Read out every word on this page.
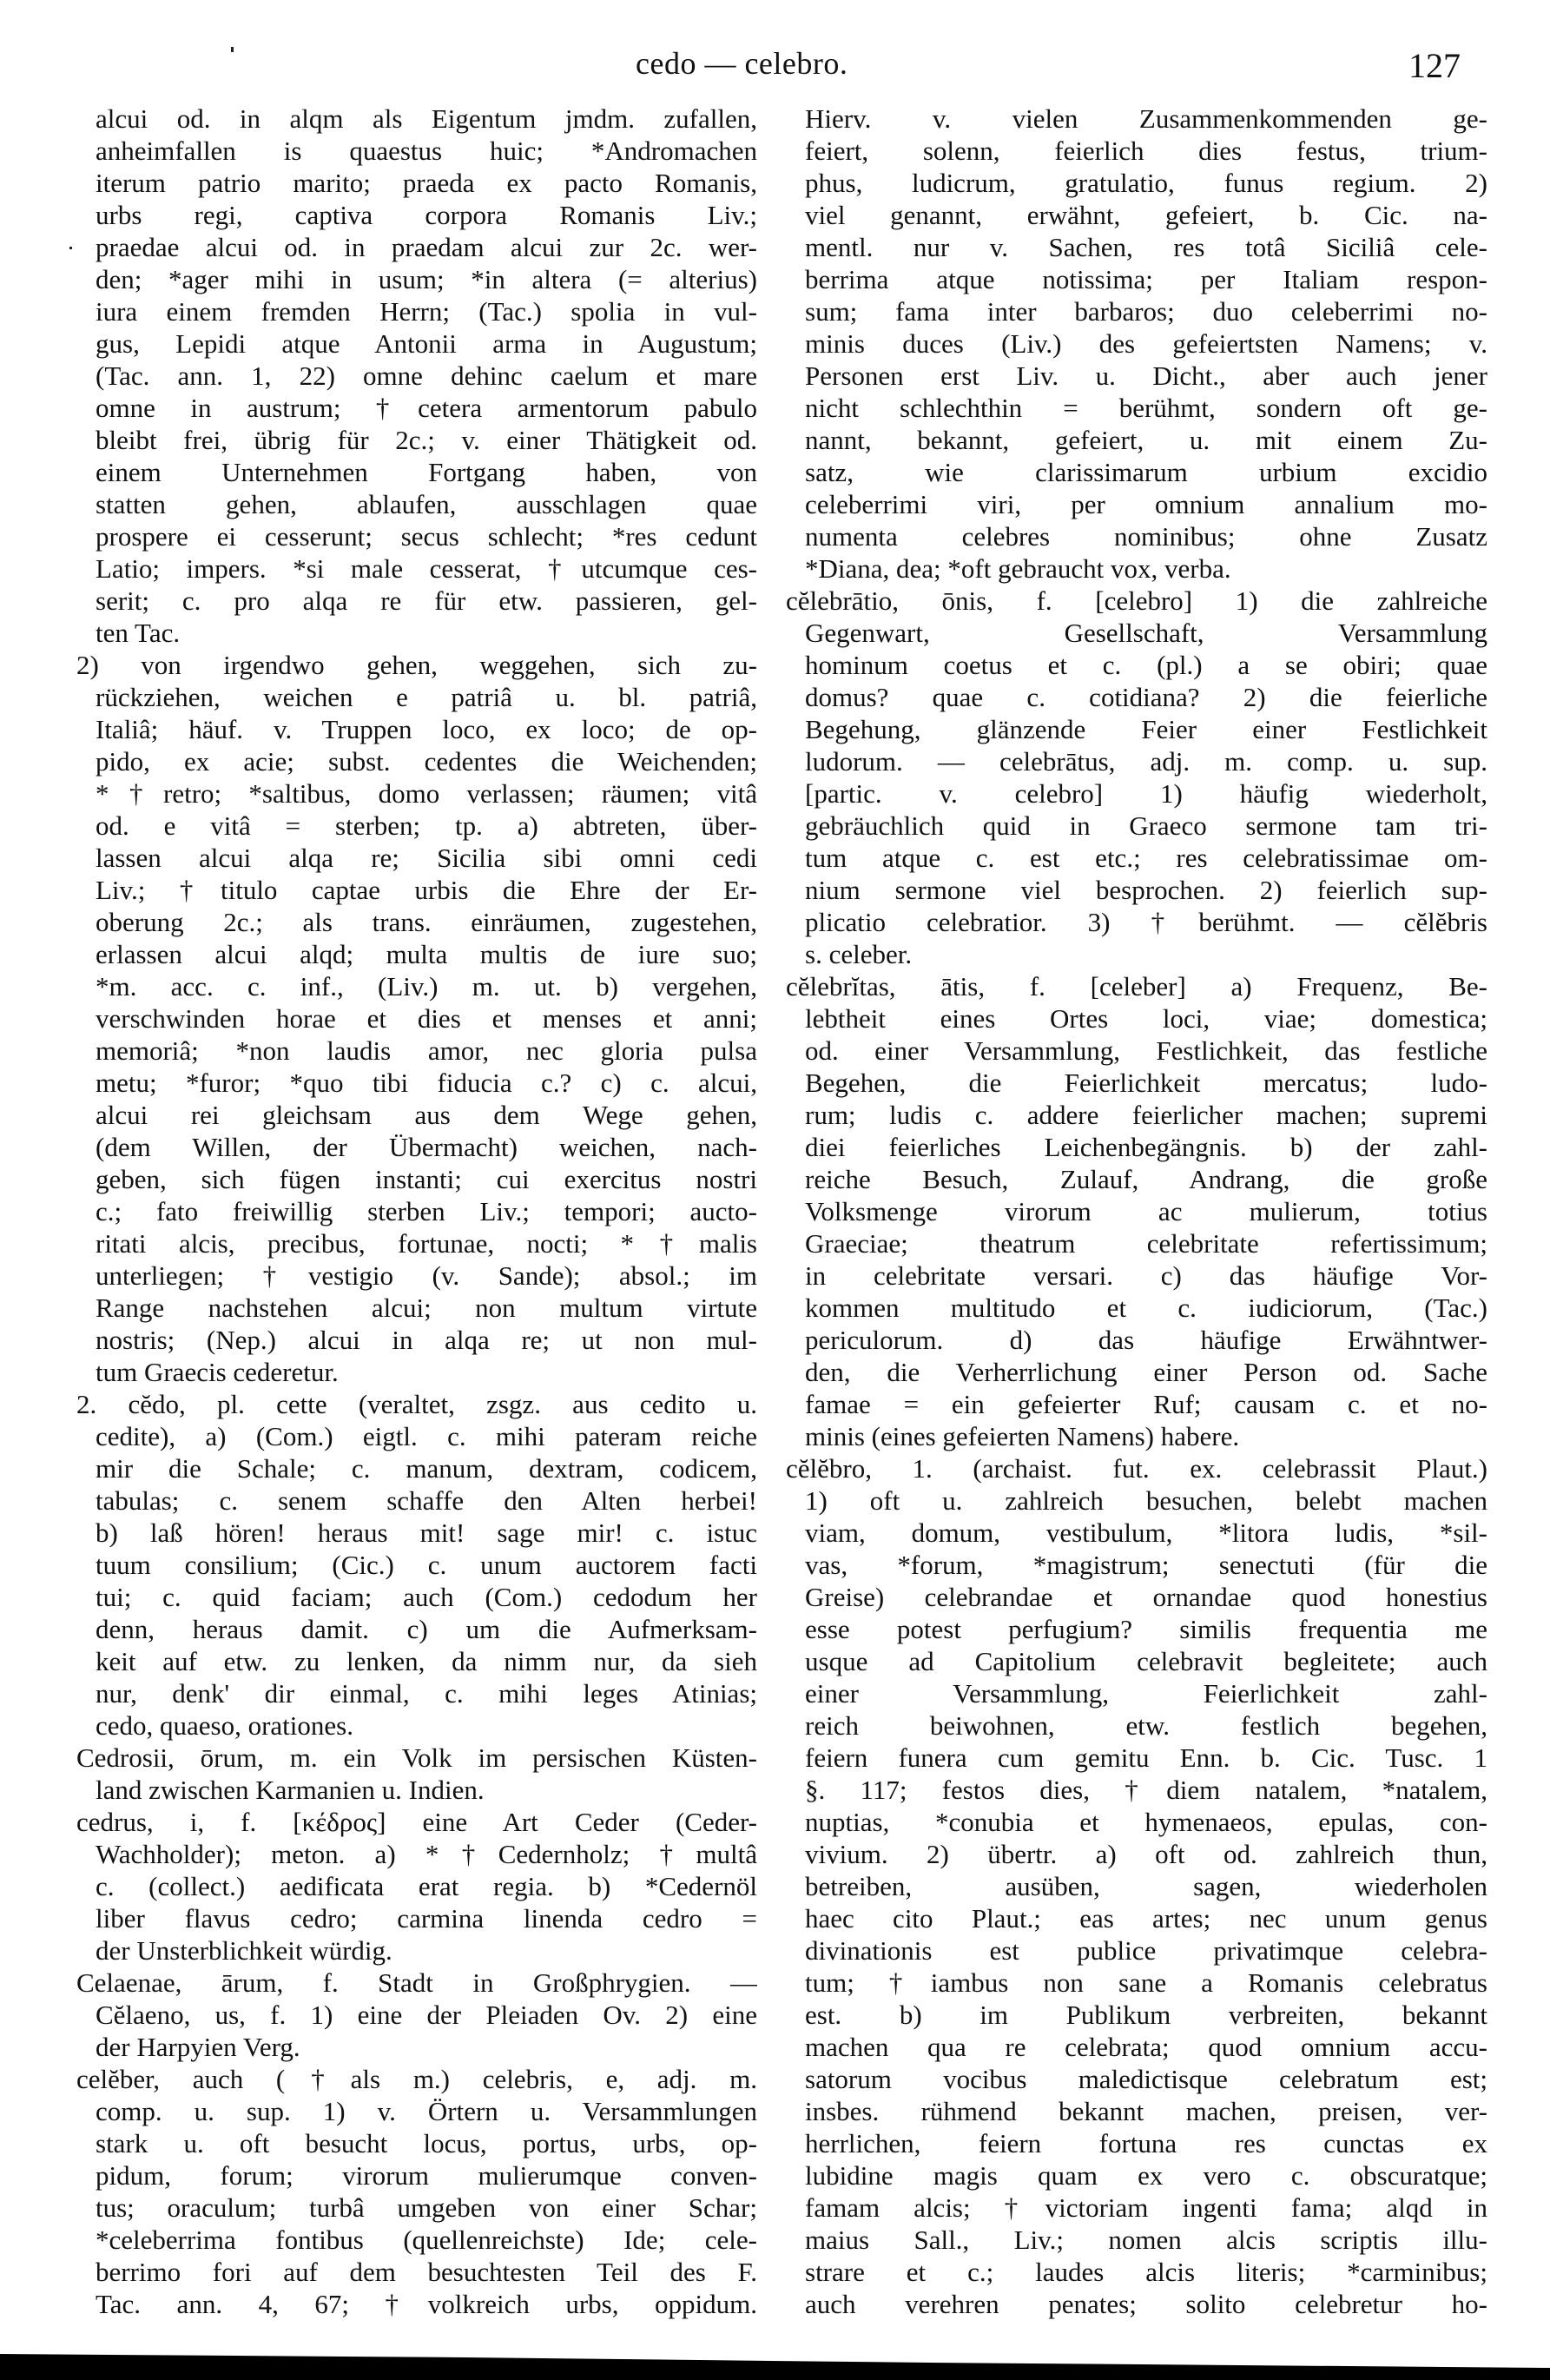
cedo — celebro.	127
alcui od. in alqm als Eigentum jmdm. zufallen,
anheimfallen is quaestus huic; *Andromachen
iterum patrio marito; praeda ex pacto Romanis,
urbs regi, captiva corpora Romanis Liv.;
praedae alcui od. in praedam alcui zur 2c. wer-
den; *ager mihi in usum; *in altera (= alterius)
iura einem fremden Herrn; (Tac.) spolia in vul-
gus, Lepidi atque Antonii arma in Augustum;
(Tac. ann. 1, 22) omne dehinc caelum et mare
omne in austrum; †cetera armentorum pabulo
bleibt frei, übrig für 2c.; v. einer Thätigkeit od.
einem Unternehmen Fortgang haben, von
statten gehen, ablaufen, ausschlagen quae
prospere ei cesserunt; secus schlecht; *res cedunt
Latio; impers. *si male cesserat, †utcumque ces-
serit; c. pro alqa re für etw. passieren, gel-
ten Tac.
2) von irgendwo gehen, weggehen, sich zu-
rückziehen, weichen e patriâ u. bl. patriâ,
Italiâ; häuf. v. Truppen loco, ex loco; de op-
pido, ex acie; subst. cedentes die Weichenden;
*†retro; *saltibus, domo verlassen; räumen; vitâ
od. e vitâ = sterben; tp. a) abtreten, über-
lassen alcui alqa re; Sicilia sibi omni cedi
Liv.; †titulo captae urbis die Ehre der Er-
oberung 2c.; als trans. einräumen, zugestehen,
erlassen alcui alqd; multa multis de iure suo;
*m. acc. c. inf., (Liv.) m. ut. b) vergehen,
verschwinden horae et dies et menses et anni;
memoriâ; *non laudis amor, nec gloria pulsa
metu; *furor; *quo tibi fiducia c.? c) c. alcui,
alcui rei gleichsam aus dem Wege gehen,
(dem Willen, der Übermacht) weichen, nach-
geben, sich fügen instanti; cui exercitus nostri
c.; fato freiwillig sterben Liv.; tempori; aucto-
ritati alcis, precibus, fortunae, nocti; *†malis
unterliegen; †vestigio (v. Sande); absol.; im
Range nachstehen alcui; non multum virtute
nostris; (Nep.) alcui in alqa re; ut non mul-
tum Graecis cederetur.
2. cĕdo, pl. cette (veraltet, zsgz. aus cedito u.
cedite), a) (Com.) eigtl. c. mihi pateram reiche
mir die Schale; c. manum, dextram, codicem,
tabulas; c. senem schaffe den Alten herbei!
b) laß hören! heraus mit! sage mir! c. istuc
tuum consilium; (Cic.) c. unum auctorem facti
tui; c. quid faciam; auch (Com.) cedodum her
denn, heraus damit. c) um die Aufmerksam-
keit auf etw. zu lenken, da nimm nur, da sieh
nur, denk' dir einmal, c. mihi leges Atinias;
cedo, quaeso, orationes.
Cedrosii, ōrum, m. ein Volk im persischen Küsten-
land zwischen Karmanien u. Indien.
cedrus, i, f. [κέδρος] eine Art Ceder (Ceder-
Wachholder); meton. a) *†Cedernholz; †multâ
c. (collect.) aedificata erat regia. b) *Cedernöl
liber flavus cedro; carmina linenda cedro =
der Unsterblichkeit würdig.
Celaenae, ārum, f. Stadt in Großphrygien. —
Cĕlaeno, us, f. 1) eine der Pleiaden Ov. 2) eine
der Harpyien Verg.
celĕber, auch (†als m.) celebris, e, adj. m.
comp. u. sup. 1) v. Örtern u. Versammlungen
stark u. oft besucht locus, portus, urbs, op-
pidum, forum; virorum mulierumque conven-
tus; oraculum; turbâ umgeben von einer Schar;
*celeberrima fontibus (quellenreichste) Ide; cele-
berrimo fori auf dem besuchtesten Teil des F.
Tac. ann. 4, 67; †volkreich urbs, oppidum.
Hierv. v. vielen Zusammenkommenden ge-
feiert, solenn, feierlich dies festus, trium-
phus, ludicrum, gratulatio, funus regium. 2)
viel genannt, erwähnt, gefeiert, b. Cic. na-
mentl. nur v. Sachen, res totâ Siciliâ cele-
berrima atque notissima; per Italiam respon-
sum; fama inter barbaros; duo celeberrimi no-
minis duces (Liv.) des gefeiertsten Namens; v.
Personen erst Liv. u. Dicht., aber auch jener
nicht schlechthin = berühmt, sondern oft ge-
nannt, bekannt, gefeiert, u. mit einem Zu-
satz, wie clarissimarum urbium excidio
celeberrimi viri, per omnium annalium mo-
numenta celebres nominibus; ohne Zusatz
*Diana, dea; *oft gebraucht vox, verba.
cĕlebrātio, ōnis, f. [celebro] 1) die zahlreiche
Gegenwart, Gesellschaft, Versammlung
hominum coetus et c. (pl.) a se obiri; quae
domus? quae c. cotidiana? 2) die feierliche
Begehung, glänzende Feier einer Festlichkeit
ludorum. — celebrātus, adj. m. comp. u. sup.
[partic. v. celebro] 1) häufig wiederholt,
gebräuchlich quid in Graeco sermone tam tri-
tum atque c. est etc.; res celebratissimae om-
nium sermone viel besprochen. 2) feierlich sup-
plicatio celebratior. 3) †berühmt. — cĕlĕbris
s. celeber.
cĕlebrĭtas, ātis, f. [celeber] a) Frequenz, Be-
lebtheit eines Ortes loci, viae; domestica;
od. einer Versammlung, Festlichkeit, das festliche
Begehen, die Feierlichkeit mercatus; ludo-
rum; ludis c. addere feierlicher machen; supremi
diei feierliches Leichenbegängnis. b) der zahl-
reiche Besuch, Zulauf, Andrang, die große
Volksmenge virorum ac mulierum, totius
Graeciae; theatrum celebritate refertissimum;
in celebritate versari. c) das häufige Vor-
kommen multitudo et c. iudiciorum, (Tac.)
periculorum. d) das häufige Erwähntwer-
den, die Verherrlichung einer Person od. Sache
famae = ein gefeierter Ruf; causam c. et no-
minis (eines gefeierten Namens) habere.
cĕlĕbro, 1. (archaist. fut. ex. celebrassit Plaut.)
1) oft u. zahlreich besuchen, belebt machen
viam, domum, vestibulum, *litora ludis, *sil-
vas, *forum, *magistrum; senectuti (für die
Greise) celebrandae et ornandae quod honestius
esse potest perfugium? similis frequentia me
usque ad Capitolium celebravit begleitete; auch
einer Versammlung, Feierlichkeit zahl-
reich beiwohnen, etw. festlich begehen,
feiern funera cum gemitu Enn. b. Cic. Tusc. 1
§. 117; festos dies, †diem natalem, *natalem,
nuptias, *conubia et hymenaeos, epulas, con-
vivium. 2) übertr. a) oft od. zahlreich thun,
betreiben, ausüben, sagen, wiederholen
haec cito Plaut.; eas artes; nec unum genus
divinationis est publice privatimque celebra-
tum; †iambus non sane a Romanis celebratus
est. b) im Publikum verbreiten, bekannt
machen qua re celebrata; quod omnium accu-
satorum vocibus maledictisque celebratum est;
insbes. rühmend bekannt machen, preisen, ver-
herrlichen, feiern fortuna res cunctas ex
lubidine magis quam ex vero c. obscuratque;
famam alcis; †victoriam ingenti fama; alqd in
maius Sall., Liv.; nomen alcis scriptis illu-
strare et c.; laudes alcis literis; *carminibus;
auch verehren penates; solito celebretur ho-
